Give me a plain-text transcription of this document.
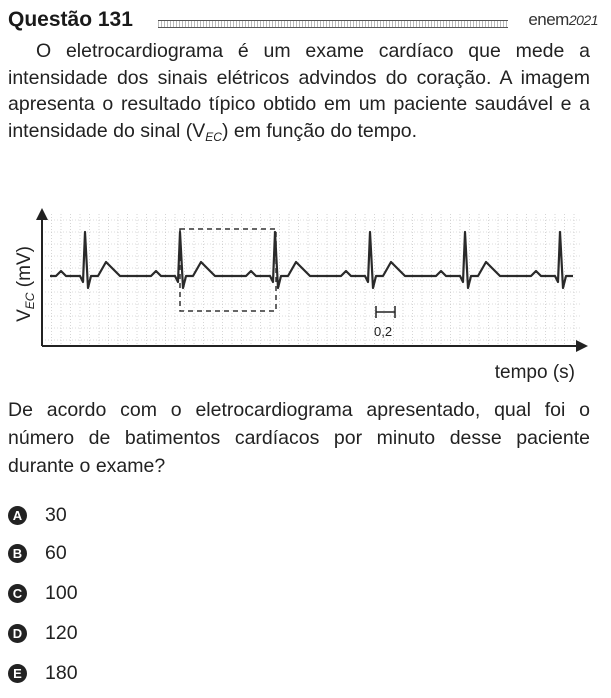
Questão 131	enem2021

O eletrocardiograma é um exame cardíaco que mede a intensidade dos sinais elétricos advindos do coração. A imagem apresenta o resultado típico obtido em um paciente saudável e a intensidade do sinal $(V_{EC})$ em função do tempo.

0,2
$V_{EC}$ (mV)
tempo (s)

De acordo com o eletrocardiograma apresentado, qual foi o número de batimentos cardíacos por minuto desse paciente durante o exame?

A 30
B 60
C 100
D 120
E 180
